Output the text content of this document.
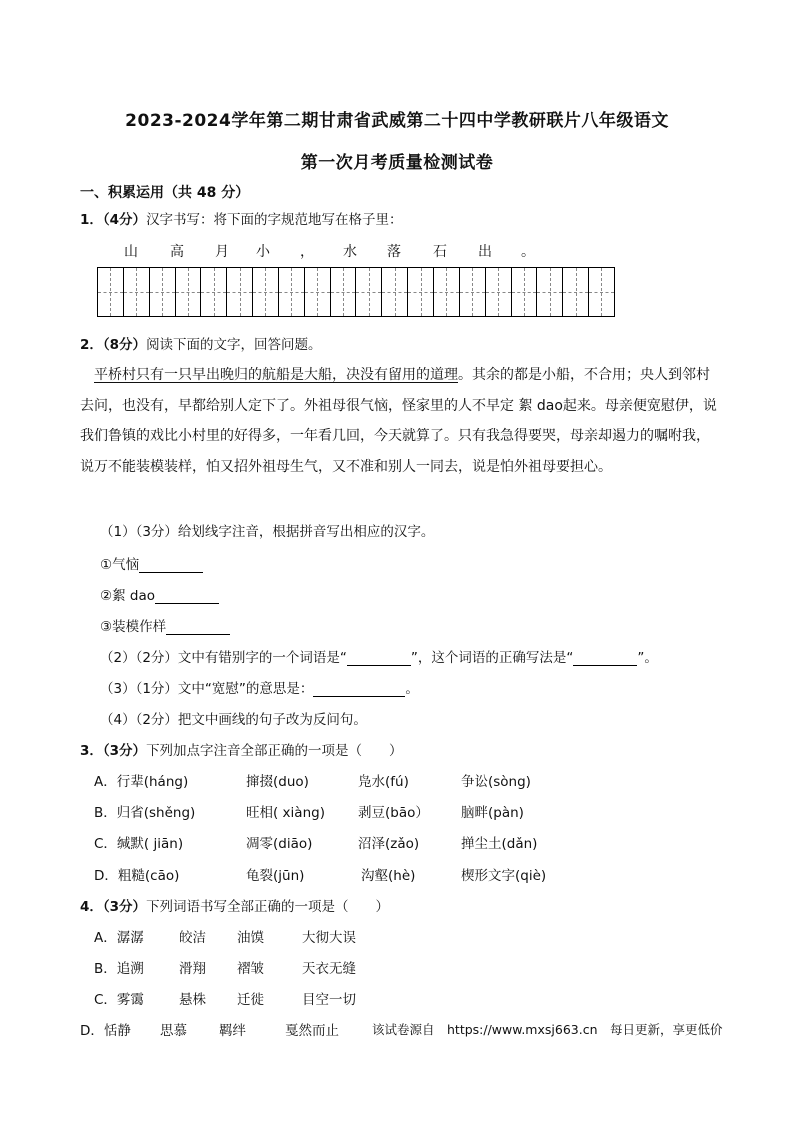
2023-2024学年第二期甘肃省武威第二十四中学教研联片八年级语文
第一次月考质量检测试卷
一、积累运用（共 48 分）
1．（4分）汉字书写：将下面的字规范地写在格子里：
山 高 月 小 ， 水 落 石 出 。
2．（8分）阅读下面的文字，回答问题。
平桥村只有一只早出晚归的航船是大船，决没有留用的道理。其余的都是小船，不合用；央人到邻村去问，也没有，早都给别人定下了。外祖母很气恼，怪家里的人不早定 絮 dao起来。母亲便宽慰伊，说我们鲁镇的戏比小村里的好得多，一年看几回，今天就算了。只有我急得要哭，母亲却遏力的嘱咐我，说万不能装模装样，怕又招外祖母生气，又不准和别人一同去，说是怕外祖母要担心。
（1）（3分）给划线字注音，根据拼音写出相应的汉字。
①气恼
②絮 dao
③装模作样
（2）（2分）文中有错别字的一个词语是“	”，这个词语的正确写法是“	”。
（3）（1分）文中“宽慰”的意思是：	。
（4）（2分）把文中画线的句子改为反问句。
3．（3分）下列加点字注音全部正确的一项是（　　）
A．行辈(háng)	撺掇(duo)	凫水(fú)	争讼(sòng)
B．归省(shěng)	旺相( xiàng) 剥豆(bāo） 脑畔(pàn)
C．缄默( jiān)	凋零(diāo)	沼泽(zǎo)	掸尘土(dǎn)
D．粗糙(cāo)	龟裂(jūn)	沟壑(hè)	楔形文字(qiè)
4．（3分）下列词语书写全部正确的一项是（　　）
A．潺潺	皎洁 油馍	大彻大误
B．追溯	滑翔 褶皱	天衣无缝
C．雾霭	悬株 迁徙	目空一切
D．恬静 思慕 羁绊	戛然而止	该试卷源自　https://www.mxsj663.cn　每日更新，享更低价
